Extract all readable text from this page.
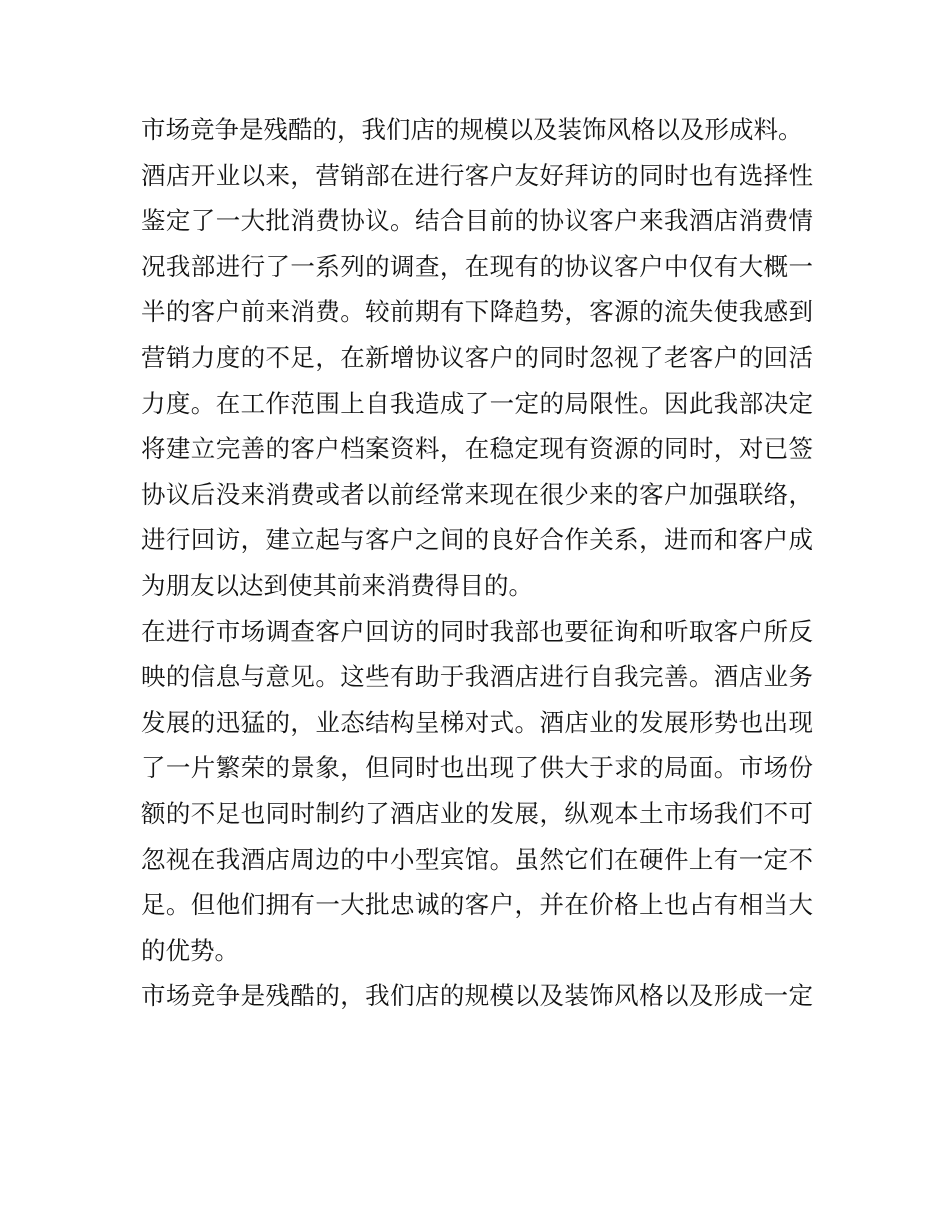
市场竞争是残酷的，我们店的规模以及装饰风格以及形成料。
酒店开业以来，营销部在进行客户友好拜访的同时也有选择性
鉴定了一大批消费协议。结合目前的协议客户来我酒店消费情
况我部进行了一系列的调查，在现有的协议客户中仅有大概一
半的客户前来消费。较前期有下降趋势，客源的流失使我感到
营销力度的不足，在新增协议客户的同时忽视了老客户的回活
力度。在工作范围上自我造成了一定的局限性。因此我部决定
将建立完善的客户档案资料，在稳定现有资源的同时，对已签
协议后没来消费或者以前经常来现在很少来的客户加强联络，
进行回访，建立起与客户之间的良好合作关系，进而和客户成
为朋友以达到使其前来消费得目的。
在进行市场调查客户回访的同时我部也要征询和听取客户所反
映的信息与意见。这些有助于我酒店进行自我完善。酒店业务
发展的迅猛的，业态结构呈梯对式。酒店业的发展形势也出现
了一片繁荣的景象，但同时也出现了供大于求的局面。市场份
额的不足也同时制约了酒店业的发展，纵观本土市场我们不可
忽视在我酒店周边的中小型宾馆。虽然它们在硬件上有一定不
足。但他们拥有一大批忠诚的客户，并在价格上也占有相当大
的优势。
市场竞争是残酷的，我们店的规模以及装饰风格以及形成一定
